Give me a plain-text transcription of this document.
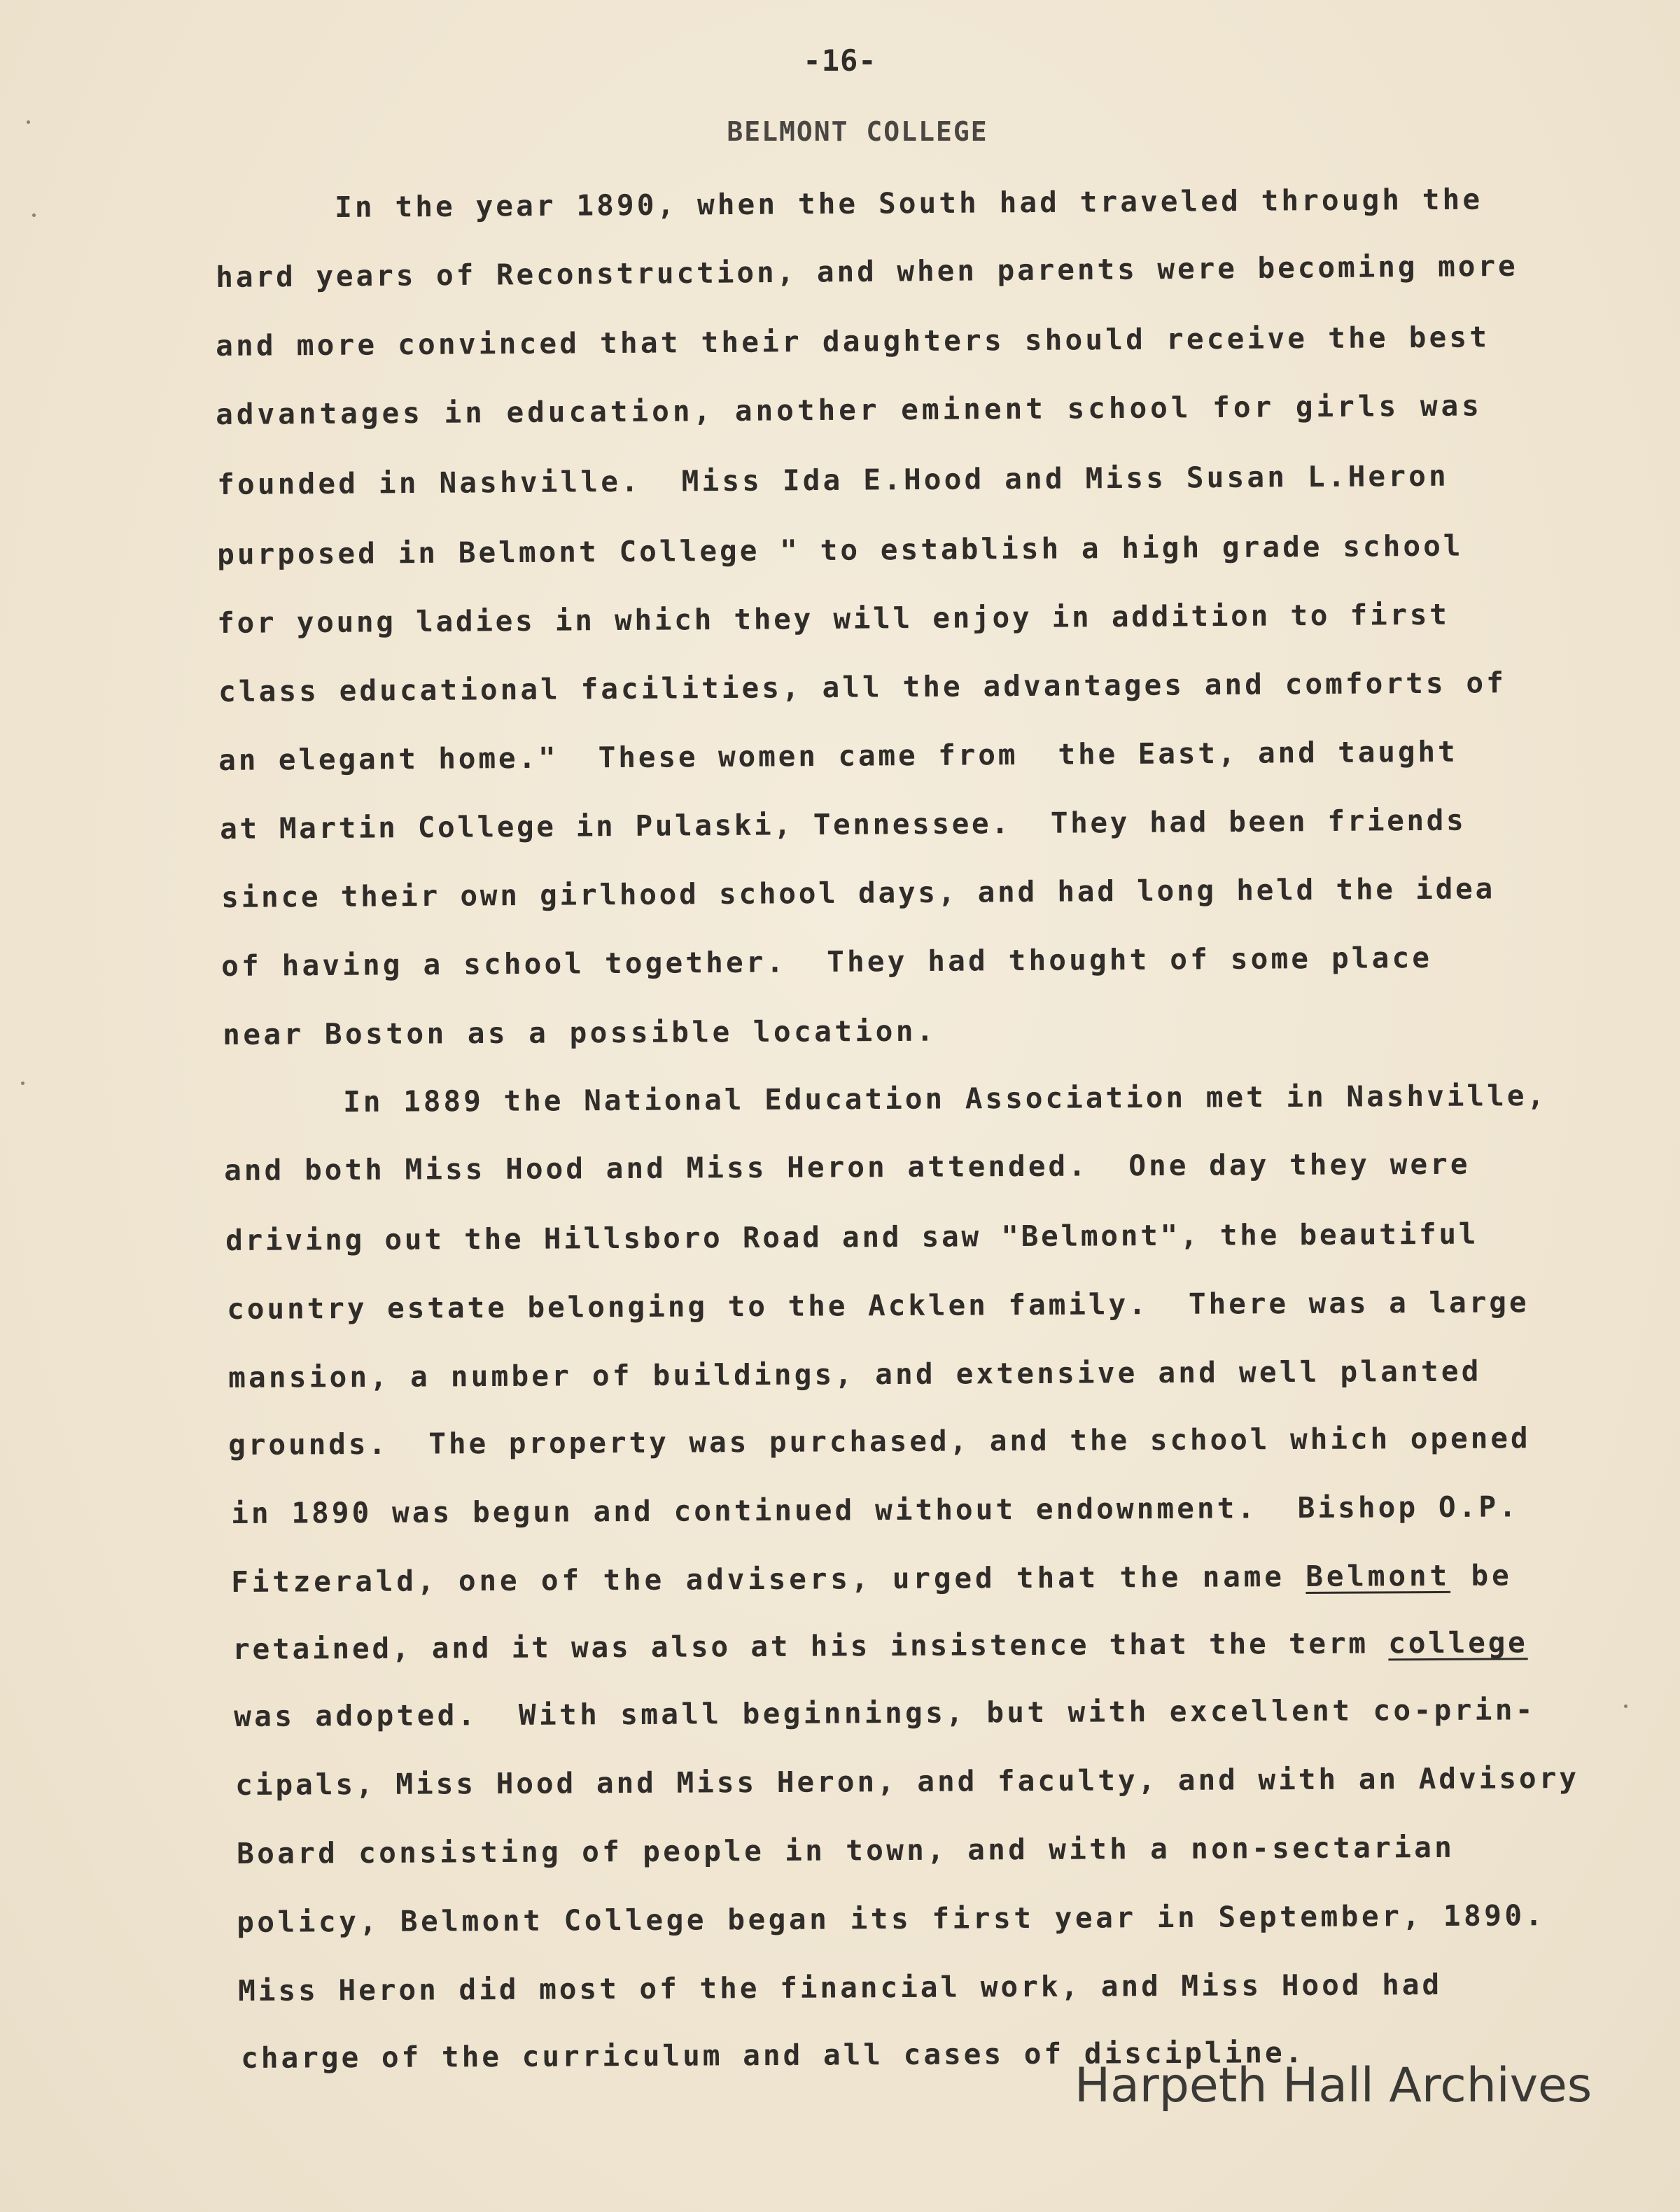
-16-
BELMONT COLLEGE
In the year 1890, when the South had traveled through the
hard years of Reconstruction, and when parents were becoming more
and more convinced that their daughters should receive the best
advantages in education, another eminent school for girls was
founded in Nashville.  Miss Ida E.Hood and Miss Susan L.Heron
purposed in Belmont College " to establish a high grade school
for young ladies in which they will enjoy in addition to first
class educational facilities, all the advantages and comforts of
an elegant home."  These women came from  the East, and taught
at Martin College in Pulaski, Tennessee.  They had been friends
since their own girlhood school days, and had long held the idea
of having a school together.  They had thought of some place
near Boston as a possible location.
In 1889 the National Education Association met in Nashville,
and both Miss Hood and Miss Heron attended.  One day they were
driving out the Hillsboro Road and saw "Belmont", the beautiful
country estate belonging to the Acklen family.  There was a large
mansion, a number of buildings, and extensive and well planted
grounds.  The property was purchased, and the school which opened
in 1890 was begun and continued without endownment.  Bishop O.P.
Fitzerald, one of the advisers, urged that the name Belmont be
retained, and it was also at his insistence that the term college
was adopted.  With small beginnings, but with excellent co-prin-
cipals, Miss Hood and Miss Heron, and faculty, and with an Advisory
Board consisting of people in town, and with a non-sectarian
policy, Belmont College began its first year in September, 1890.
Miss Heron did most of the financial work, and Miss Hood had
charge of the curriculum and all cases of discipline.
Harpeth Hall Archives
